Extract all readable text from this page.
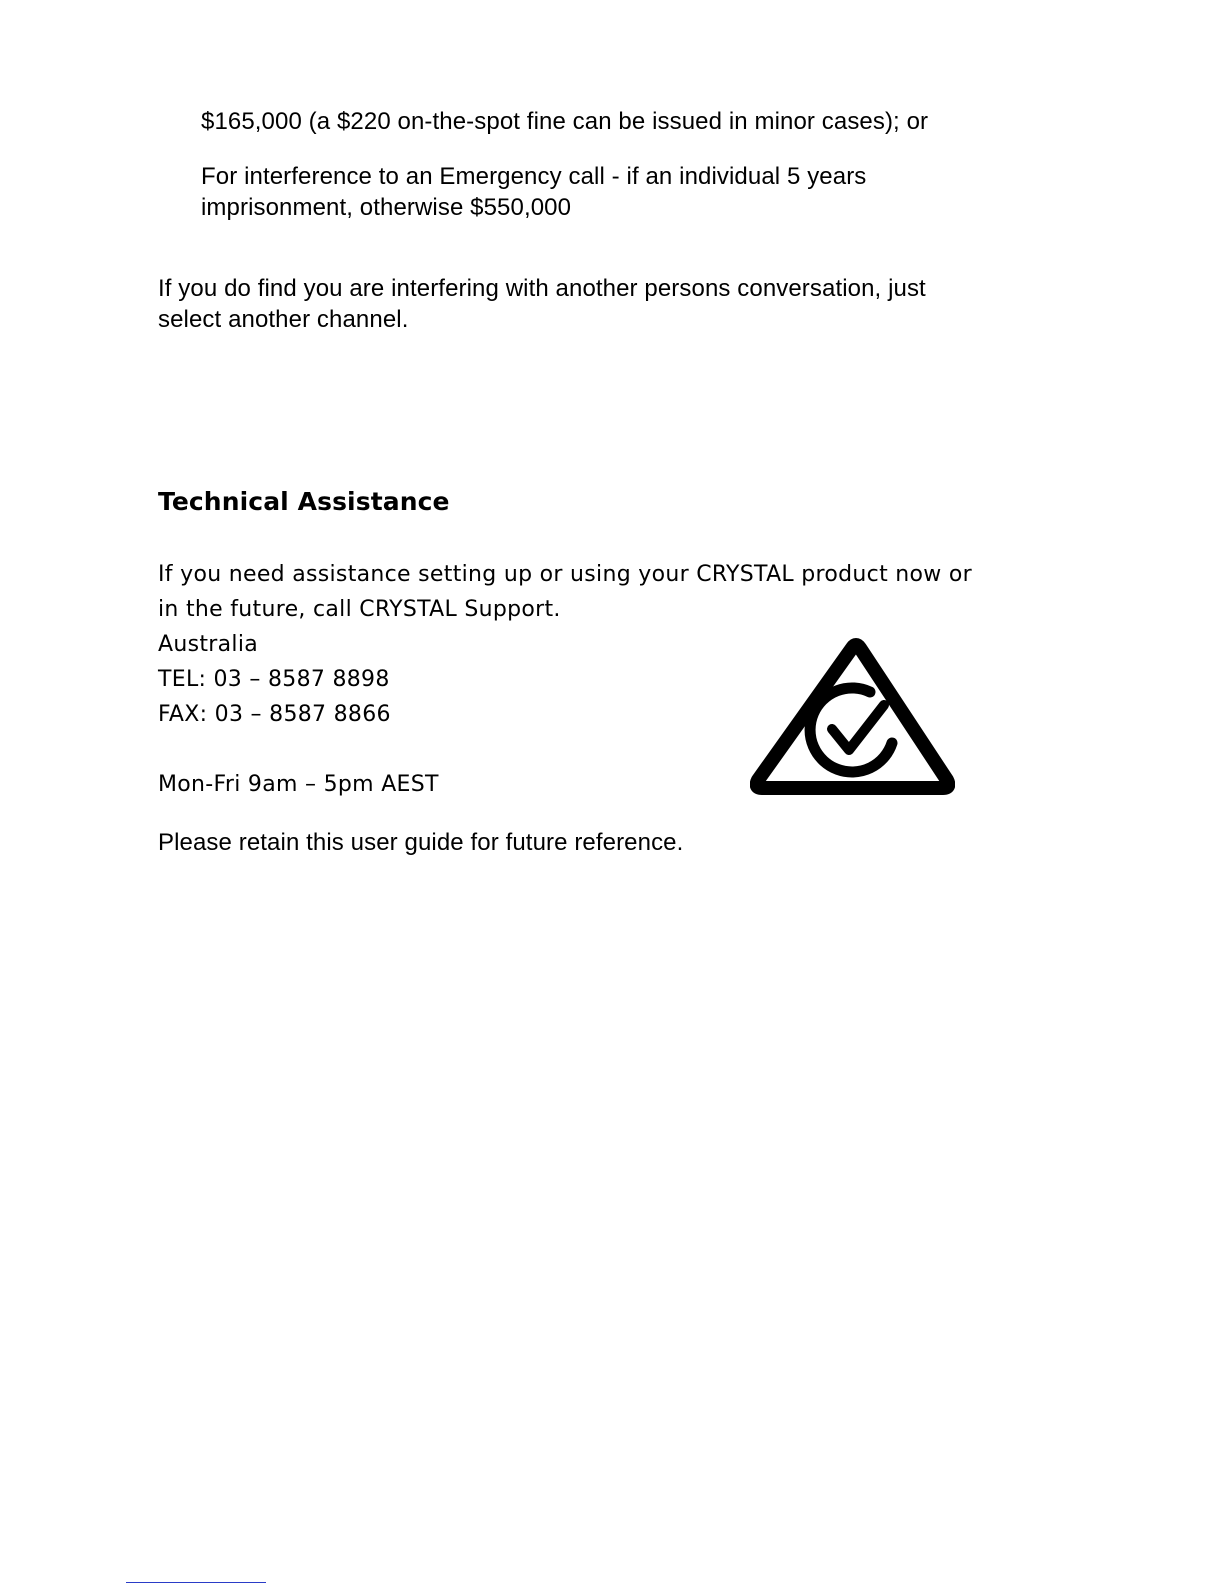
$165,000 (a $220 on-the-spot fine can be issued in minor cases); or

For interference to an Emergency call - if an individual 5 years

imprisonment, otherwise $550,000

If you do find you are interfering with another persons conversation, just

select another channel.

Technical Assistance

If you need assistance setting up or using your CRYSTAL product now or

in the future, call CRYSTAL Support.

Australia

TEL: 03 – 8587 8898

FAX: 03 – 8587 8866

Mon-Fri 9am – 5pm AEST

Please retain this user guide for future reference.
